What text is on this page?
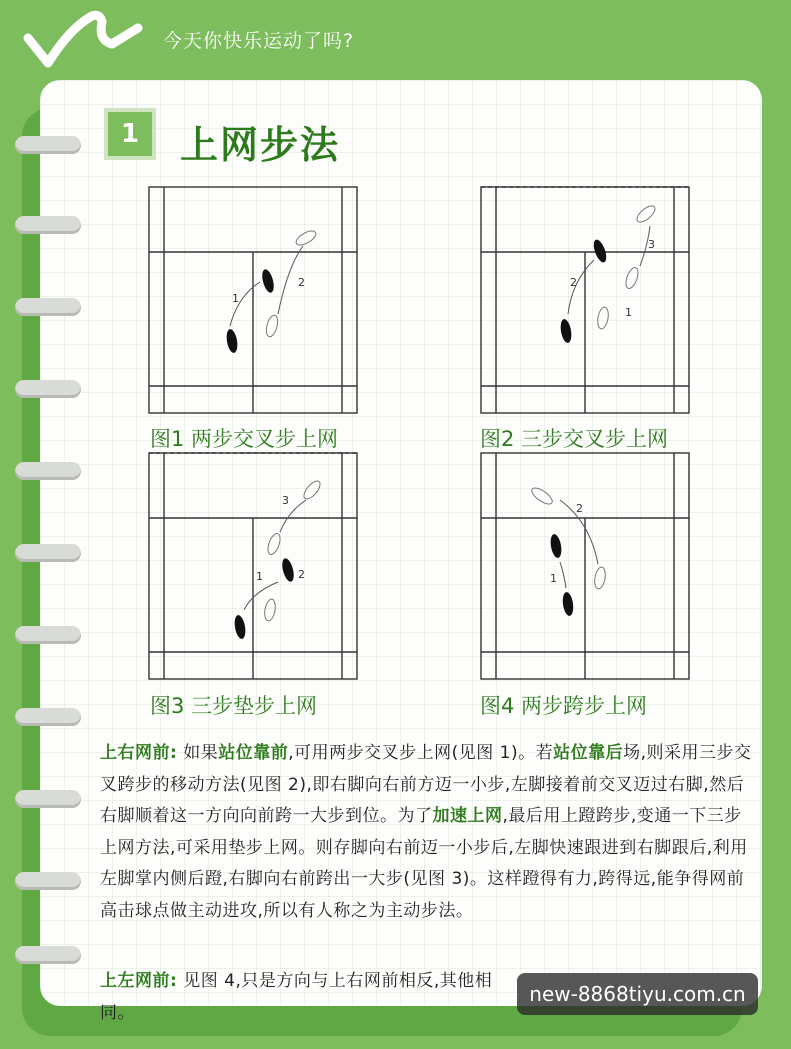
今天你快乐运动了吗?
1	上网步法
1
2
图1 两步交叉步上网
2
1
3
图2 三步交叉步上网
1	2
3
图3 三步垫步上网
1
2
图4 两步跨步上网
上右网前: 如果站位靠前,可用两步交叉步上网(见图 1)。若站位靠后场,则采用三步交叉跨步的移动方法(见图 2),即右脚向右前方迈一小步,左脚接着前交叉迈过右脚,然后右脚顺着这一方向向前跨一大步到位。为了加速上网,最后用上蹬跨步,变通一下三步上网方法,可采用垫步上网。则存脚向右前迈一小步后,左脚快速跟进到右脚跟后,利用左脚掌内侧后蹬,右脚向右前跨出一大步(见图 3)。这样蹬得有力,跨得远,能争得网前高击球点做主动进攻,所以有人称之为主动步法。
上左网前: 见图 4,只是方向与上右网前相反,其他相同。
new-8868tiyu.com.cn
